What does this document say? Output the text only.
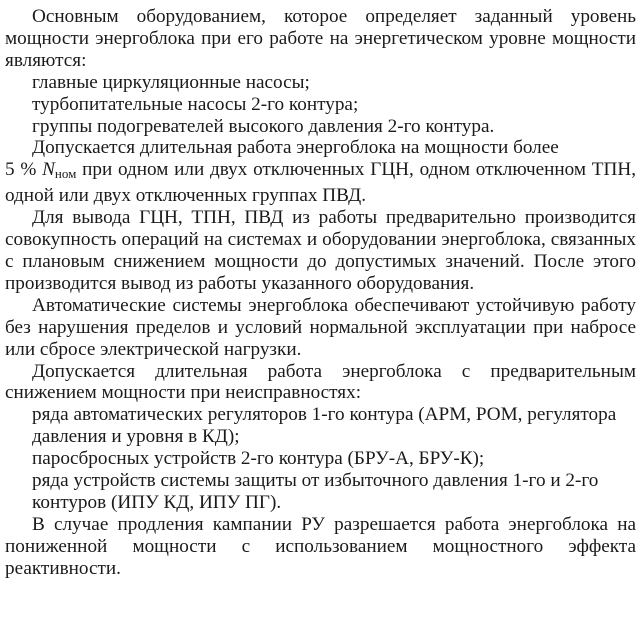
Основным оборудованием, которое определяет заданный уровень мощности энергоблока при его работе на энергетическом уровне мощности являются:

главные циркуляционные насосы;

турбопитательные насосы 2-го контура;

группы подогревателей высокого давления 2-го контура.

Допускается длительная работа энергоблока на мощности более

5 % $N_{ном}$ при одном или двух отключенных ГЦН, одном отключенном ТПН, одной или двух отключенных группах ПВД.

Для вывода ГЦН, ТПН, ПВД из работы предварительно производится совокупность операций на системах и оборудовании энергоблока, связанных с плановым снижением мощности до допустимых значений. После этого производится вывод из работы указанного оборудования.

Автоматические системы энергоблока обеспечивают устойчивую работу без нарушения пределов и условий нормальной эксплуатации при набросе или сбросе электрической нагрузки.

Допускается длительная работа энергоблока с предварительным снижением мощности при неисправностях:

ряда автоматических регуляторов 1-го контура (АРМ, РОМ, регулятора давления и уровня в КД);

пароcбросных устройств 2-го контура (БРУ-А, БРУ-К);

ряда устройств системы защиты от избыточного давления 1-го и 2-го контуров (ИПУ КД, ИПУ ПГ).

В случае продления кампании РУ разрешается работа энергоблока на пониженной мощности с использованием мощностного эффекта реактивности.
